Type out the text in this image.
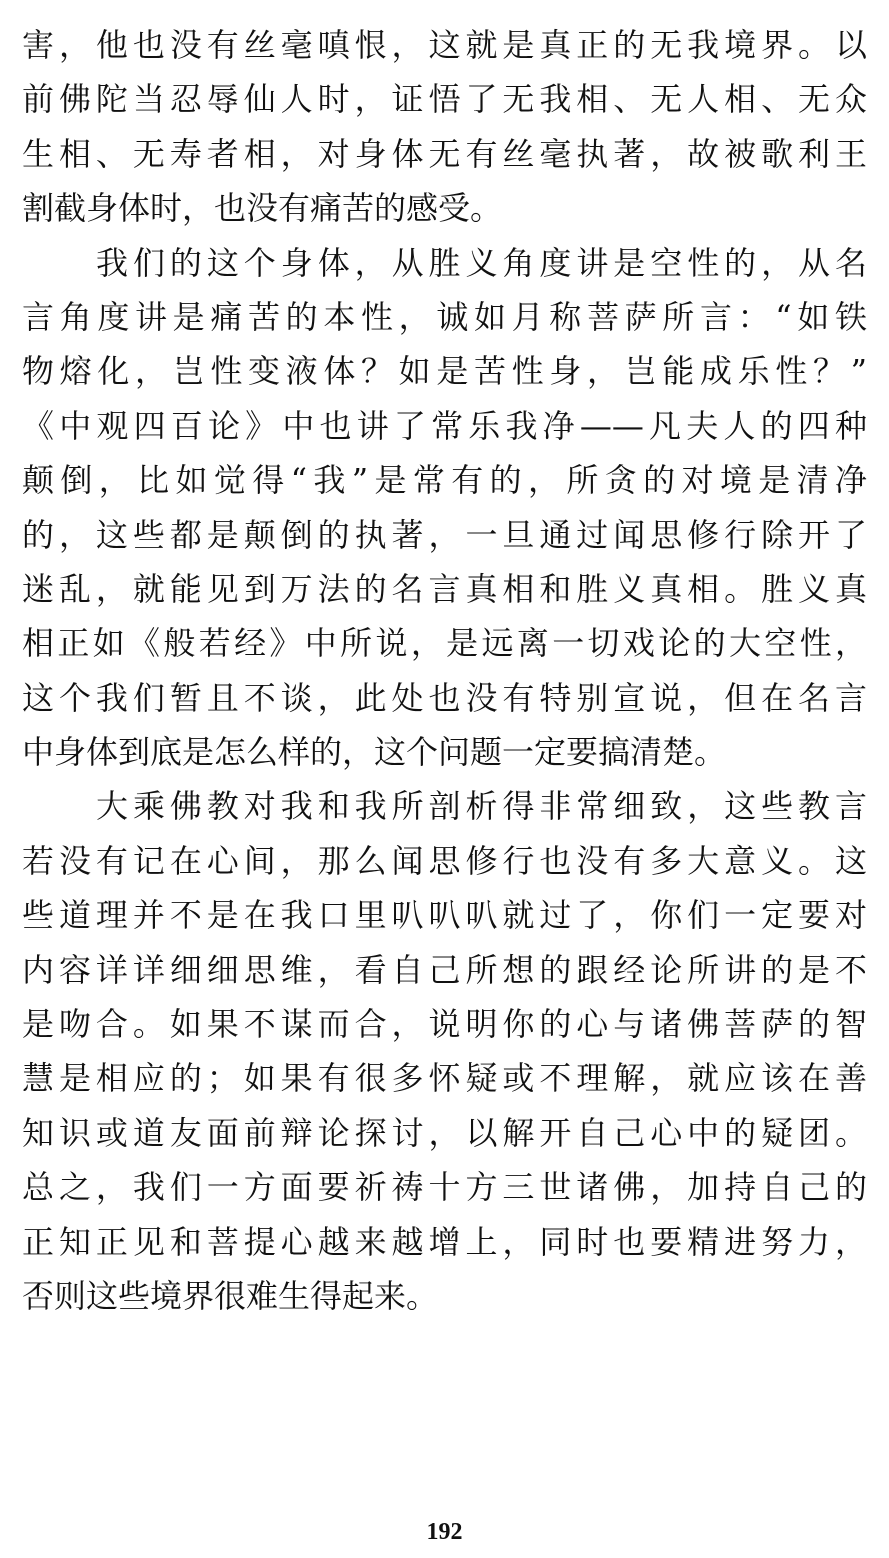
害，他也没有丝毫嗔恨，这就是真正的无我境界。以
前佛陀当忍辱仙人时，证悟了无我相、无人相、无众
生相、无寿者相，对身体无有丝毫执著，故被歌利王
割截身体时，也没有痛苦的感受。
我们的这个身体，从胜义角度讲是空性的，从名
言角度讲是痛苦的本性，诚如月称菩萨所言：“如铁
物熔化，岂性变液体？如是苦性身，岂能成乐性？”
《中观四百论》中也讲了常乐我净——凡夫人的四种
颠倒，比如觉得“我”是常有的，所贪的对境是清净
的，这些都是颠倒的执著，一旦通过闻思修行除开了
迷乱，就能见到万法的名言真相和胜义真相。胜义真
相正如《般若经》中所说，是远离一切戏论的大空性，
这个我们暂且不谈，此处也没有特别宣说，但在名言
中身体到底是怎么样的，这个问题一定要搞清楚。
大乘佛教对我和我所剖析得非常细致，这些教言
若没有记在心间，那么闻思修行也没有多大意义。这
些道理并不是在我口里叭叭叭就过了，你们一定要对
内容详详细细思维，看自己所想的跟经论所讲的是不
是吻合。如果不谋而合，说明你的心与诸佛菩萨的智
慧是相应的；如果有很多怀疑或不理解，就应该在善
知识或道友面前辩论探讨，以解开自己心中的疑团。
总之，我们一方面要祈祷十方三世诸佛，加持自己的
正知正见和菩提心越来越增上，同时也要精进努力，
否则这些境界很难生得起来。
192
